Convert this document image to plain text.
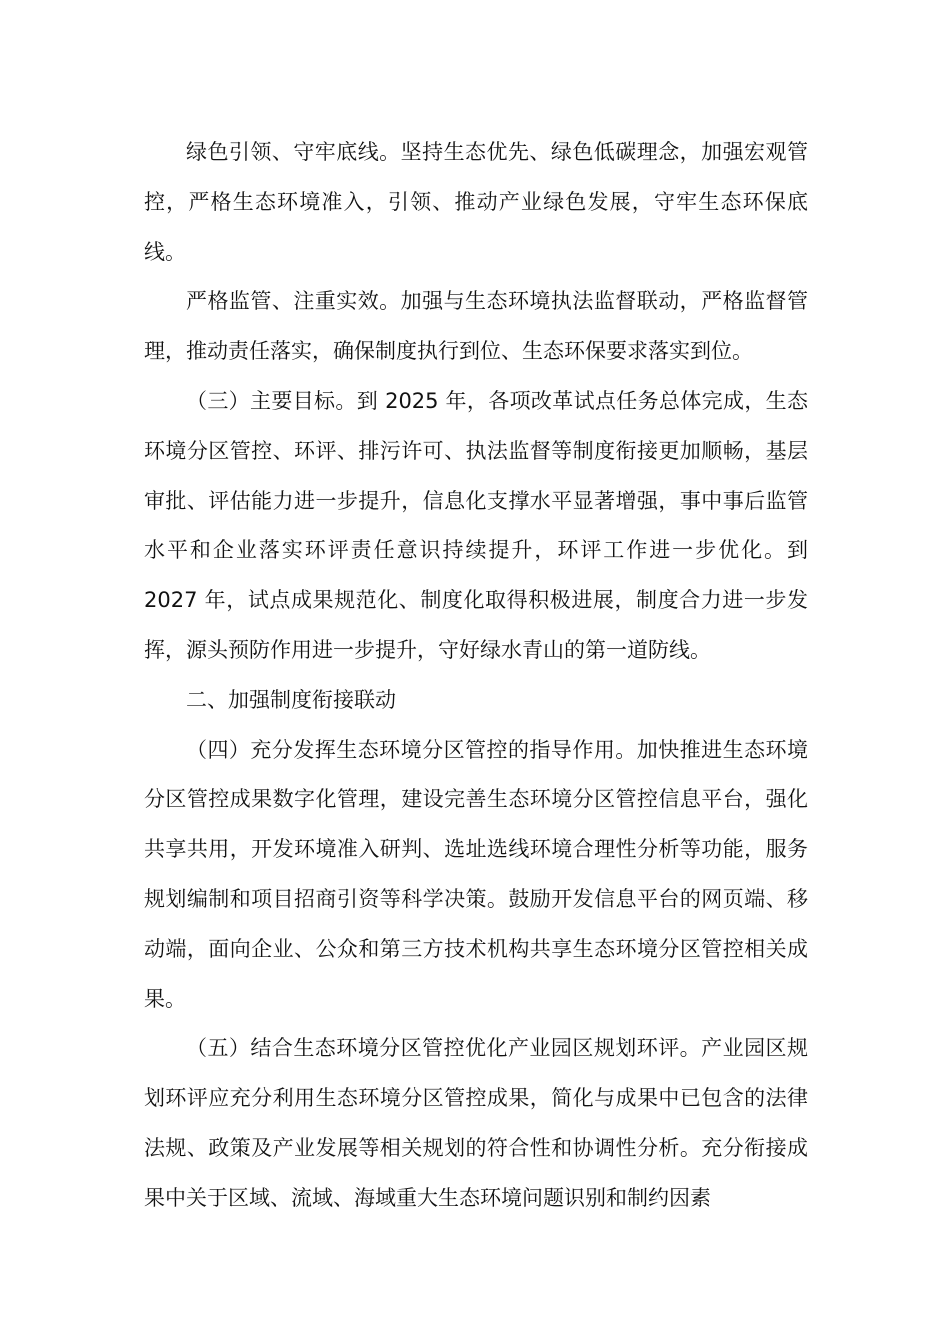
绿色引领、守牢底线。坚持生态优先、绿色低碳理念，加强宏观管控，严格生态环境准入，引领、推动产业绿色发展，守牢生态环保底线。

严格监管、注重实效。加强与生态环境执法监督联动，严格监督管理，推动责任落实，确保制度执行到位、生态环保要求落实到位。

（三）主要目标。到 2025 年，各项改革试点任务总体完成，生态环境分区管控、环评、排污许可、执法监督等制度衔接更加顺畅，基层审批、评估能力进一步提升，信息化支撑水平显著增强，事中事后监管水平和企业落实环评责任意识持续提升，环评工作进一步优化。到 2027 年，试点成果规范化、制度化取得积极进展，制度合力进一步发挥，源头预防作用进一步提升，守好绿水青山的第一道防线。

二、加强制度衔接联动

（四）充分发挥生态环境分区管控的指导作用。加快推进生态环境分区管控成果数字化管理，建设完善生态环境分区管控信息平台，强化共享共用，开发环境准入研判、选址选线环境合理性分析等功能，服务规划编制和项目招商引资等科学决策。鼓励开发信息平台的网页端、移动端，面向企业、公众和第三方技术机构共享生态环境分区管控相关成果。

（五）结合生态环境分区管控优化产业园区规划环评。产业园区规划环评应充分利用生态环境分区管控成果，简化与成果中已包含的法律法规、政策及产业发展等相关规划的符合性和协调性分析。充分衔接成果中关于区域、流域、海域重大生态环境问题识别和制约因素
